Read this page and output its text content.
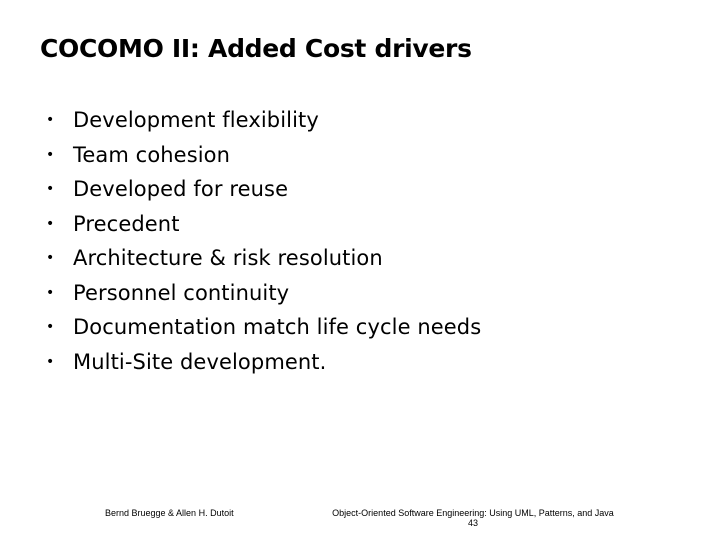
COCOMO II: Added Cost drivers
• Development flexibility
• Team cohesion
• Developed for reuse
• Precedent
• Architecture & risk resolution
• Personnel continuity
• Documentation match life cycle needs
• Multi-Site development.
Bernd Bruegge & Allen H. Dutoit	Object-Oriented Software Engineering: Using UML, Patterns, and Java
43
